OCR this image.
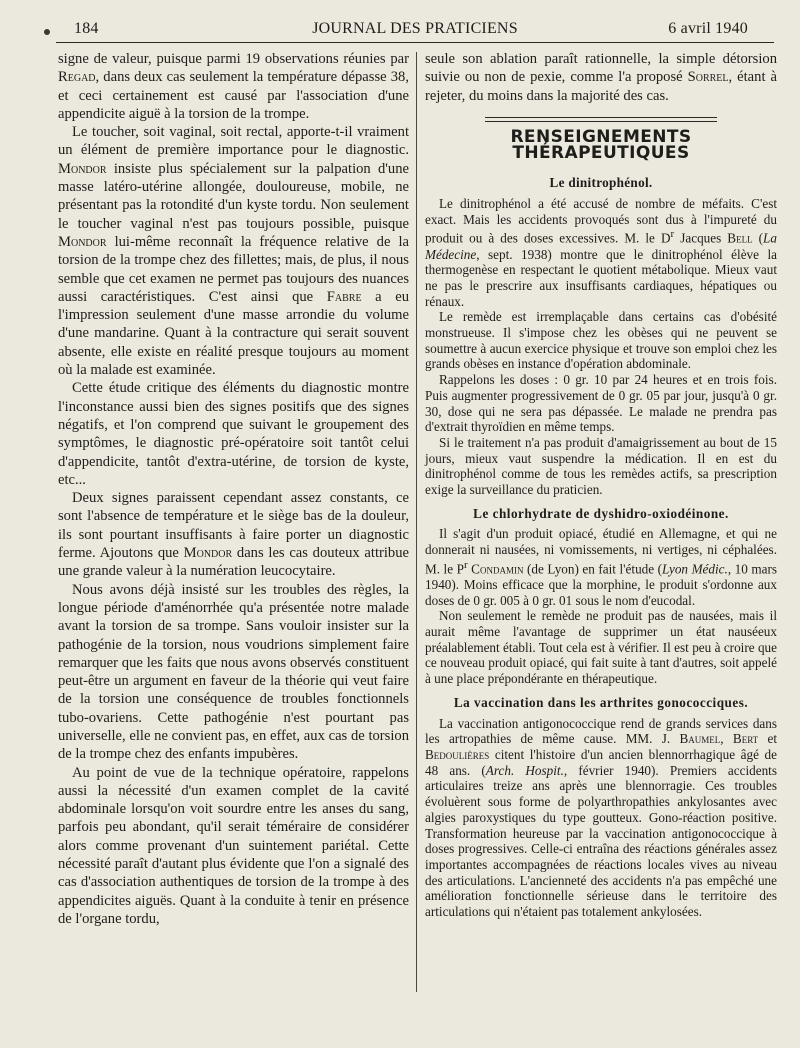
184	JOURNAL DES PRATICIENS	6 avril 1940

signe de valeur, puisque parmi 19 observations réunies par Regad, dans deux cas seulement la température dépasse 38, et ceci certainement est causé par l'association d'une appendicite aiguë à la torsion de la trompe.

Le toucher, soit vaginal, soit rectal, apporte-t-il vraiment un élément de première importance pour le diagnostic. Mondor insiste plus spécialement sur la palpation d'une masse latéro-utérine allongée, douloureuse, mobile, ne présentant pas la rotondité d'un kyste tordu. Non seulement le toucher vaginal n'est pas toujours possible, puisque Mondor lui-même reconnaît la fréquence relative de la torsion de la trompe chez des fillettes; mais, de plus, il nous semble que cet examen ne permet pas toujours des nuances aussi caractéristiques. C'est ainsi que Fabre a eu l'impression seulement d'une masse arrondie du volume d'une mandarine. Quant à la contracture qui serait souvent absente, elle existe en réalité presque toujours au moment où la malade est examinée.

Cette étude critique des éléments du diagnostic montre l'inconstance aussi bien des signes positifs que des signes négatifs, et l'on comprend que suivant le groupement des symptômes, le diagnostic pré-opératoire soit tantôt celui d'appendicite, tantôt d'extra-utérine, de torsion de kyste, etc...

Deux signes paraissent cependant assez constants, ce sont l'absence de température et le siège bas de la douleur, ils sont pourtant insuffisants à faire porter un diagnostic ferme. Ajoutons que Mondor dans les cas douteux attribue une grande valeur à la numération leucocytaire.

Nous avons déjà insisté sur les troubles des règles, la longue période d'aménorrhée qu'a présentée notre malade avant la torsion de sa trompe. Sans vouloir insister sur la pathogénie de la torsion, nous voudrions simplement faire remarquer que les faits que nous avons observés constituent peut-être un argument en faveur de la théorie qui veut faire de la torsion une conséquence de troubles fonctionnels tubo-ovariens. Cette pathogénie n'est pourtant pas universelle, elle ne convient pas, en effet, aux cas de torsion de la trompe chez des enfants impubères.

Au point de vue de la technique opératoire, rappelons aussi la nécessité d'un examen complet de la cavité abdominale lorsqu'on voit sourdre entre les anses du sang, parfois peu abondant, qu'il serait téméraire de considérer alors comme provenant d'un suintement pariétal. Cette nécessité paraît d'autant plus évidente que l'on a signalé des cas d'association authentiques de torsion de la trompe à des appendicites aiguës. Quant à la conduite à tenir en présence de l'organe tordu,

seule son ablation paraît rationnelle, la simple détorsion suivie ou non de pexie, comme l'a proposé Sorrel, étant à rejeter, du moins dans la majorité des cas.

RENSEIGNEMENTS THÉRAPEUTIQUES
Le dinitrophénol.

Le dinitrophénol a été accusé de nombre de méfaits. C'est exact. Mais les accidents provoqués sont dus à l'impureté du produit ou à des doses excessives. M. le $D^r$ Jacques Bell (La Médecine, sept. 1938) montre que le dinitrophénol élève la thermogenèse en respectant le quotient métabolique. Mieux vaut ne pas le prescrire aux insuffisants cardiaques, hépatiques ou rénaux.

Le remède est irremplaçable dans certains cas d'obésité monstrueuse. Il s'impose chez les obèses qui ne peuvent se soumettre à aucun exercice physique et trouve son emploi chez les grands obèses en instance d'opération abdominale.

Rappelons les doses : 0 gr. 10 par 24 heures et en trois fois. Puis augmenter progressivement de 0 gr. 05 par jour, jusqu'à 0 gr. 30, dose qui ne sera pas dépassée. Le malade ne prendra pas d'extrait thyroïdien en même temps.

Si le traitement n'a pas produit d'amaigrissement au bout de 15 jours, mieux vaut suspendre la médication. Il en est du dinitrophénol comme de tous les remèdes actifs, sa prescription exige la surveillance du praticien.

Le chlorhydrate de dyshidro-oxiodéinone.

Il s'agit d'un produit opiacé, étudié en Allemagne, et qui ne donnerait ni nausées, ni vomissements, ni vertiges, ni céphalées. M. le $P^r$ Condamin (de Lyon) en fait l'étude (Lyon Médic., 10 mars 1940). Moins efficace que la morphine, le produit s'ordonne aux doses de 0 gr. 005 à 0 gr. 01 sous le nom d'eucodal.

Non seulement le remède ne produit pas de nausées, mais il aurait même l'avantage de supprimer un état nauséeux préalablement établi. Tout cela est à vérifier. Il est peu à croire que ce nouveau produit opiacé, qui fait suite à tant d'autres, soit appelé à une place prépondérante en thérapeutique.

La vaccination dans les arthrites gonococciques.

La vaccination antigonococcique rend de grands services dans les artropathies de même cause. MM. J. Baumel, Bert et Bedoulières citent l'histoire d'un ancien blennorrhagique âgé de 48 ans. (Arch. Hospit., février 1940). Premiers accidents articulaires treize ans après une blennorragie. Ces troubles évoluèrent sous forme de polyarthropathies ankylosantes avec algies paroxystiques du type goutteux. Gono-réaction positive. Transformation heureuse par la vaccination antigonococcique à doses progressives. Celle-ci entraîna des réactions générales assez importantes accompagnées de réactions locales vives au niveau des articulations. L'ancienneté des accidents n'a pas empêché une amélioration fonctionnelle sérieuse dans le territoire des articulations qui n'étaient pas totalement ankylosées.
